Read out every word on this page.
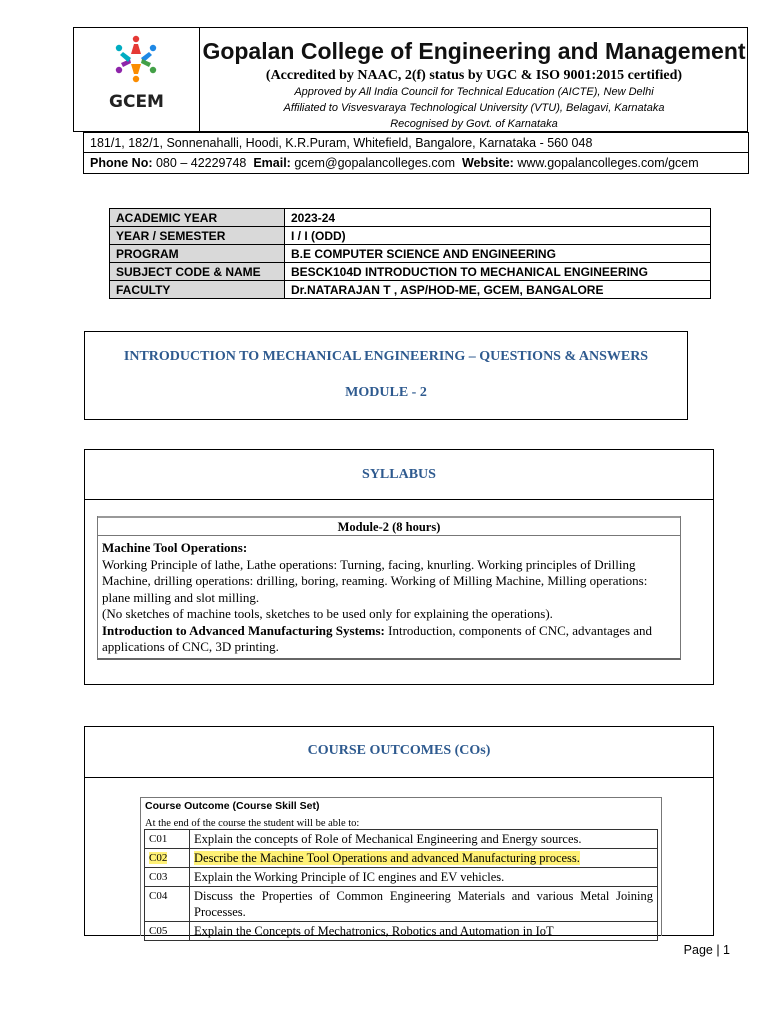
GCEM
Gopalan College of Engineering and Management
(Accredited by NAAC, 2(f) status by UGC & ISO 9001:2015 certified)
Approved by All India Council for Technical Education (AICTE), New Delhi
Affiliated to Visvesvaraya Technological University (VTU), Belagavi, Karnataka
Recognised by Govt. of Karnataka
181/1, 182/1, Sonnenahalli, Hoodi, K.R.Puram, Whitefield, Bangalore, Karnataka - 560 048
Phone No: 080 – 42229748 Email: gcem@gopalancolleges.com Website: www.gopalancolleges.com/gcem
ACADEMIC YEAR	2023-24
YEAR / SEMESTER	I / I (ODD)
PROGRAM	B.E COMPUTER SCIENCE AND ENGINEERING
SUBJECT CODE & NAME	BESCK104D INTRODUCTION TO MECHANICAL ENGINEERING
FACULTY	Dr.NATARAJAN T , ASP/HOD-ME, GCEM, BANGALORE
INTRODUCTION TO MECHANICAL ENGINEERING – QUESTIONS & ANSWERS
MODULE - 2
SYLLABUS
Module-2 (8 hours)

Machine Tool Operations:

Working Principle of lathe, Lathe operations: Turning, facing, knurling. Working principles of Drilling Machine, drilling operations: drilling, boring, reaming. Working of Milling Machine, Milling operations: plane milling and slot milling.

(No sketches of machine tools, sketches to be used only for explaining the operations).

Introduction to Advanced Manufacturing Systems: Introduction, components of CNC, advantages and applications of CNC, 3D printing.

COURSE OUTCOMES (COs)
Course Outcome (Course Skill Set)
At the end of the course the student will be able to:
C01	Explain the concepts of Role of Mechanical Engineering and Energy sources.
C02	Describe the Machine Tool Operations and advanced Manufacturing process.
C03	Explain the Working Principle of IC engines and EV vehicles.
C04	Discuss the Properties of Common Engineering Materials and various Metal Joining Processes.
C05	Explain the Concepts of Mechatronics, Robotics and Automation in IoT
Page | 1
